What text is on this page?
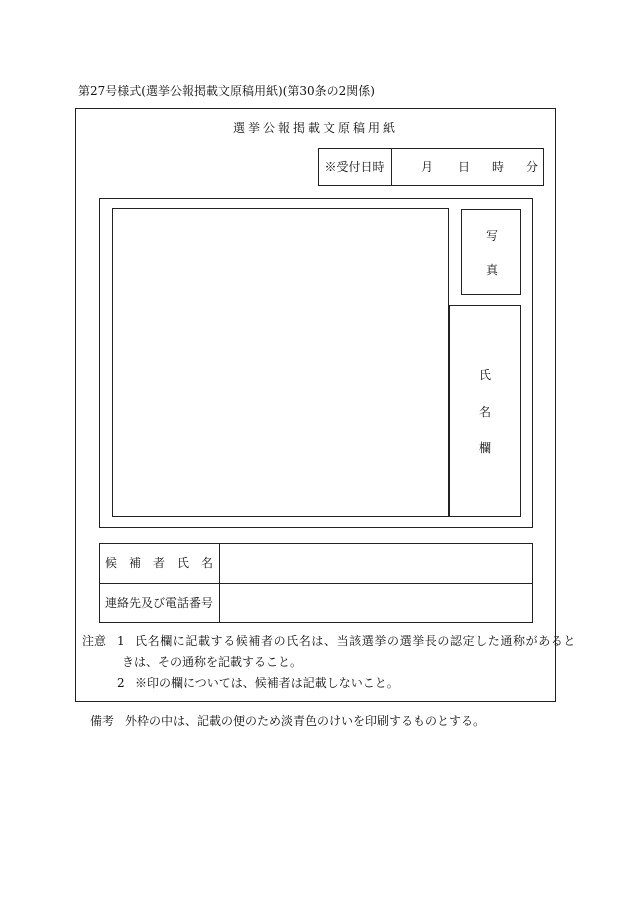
第27号様式(選挙公報掲載文原稿用紙)(第30条の2関係)
選挙公報掲載文原稿用紙
※受付日時	月 日 時 分
写
真
氏
名
欄
候　補　者　氏　名
連絡先及び電話番号
注意 1 氏名欄に記載する候補者の氏名は、当該選挙の選挙長の認定した通称があると
きは、その通称を記載すること。
2 ※印の欄については、候補者は記載しないこと。
備考 外枠の中は、記載の便のため淡青色のけいを印刷するものとする。
